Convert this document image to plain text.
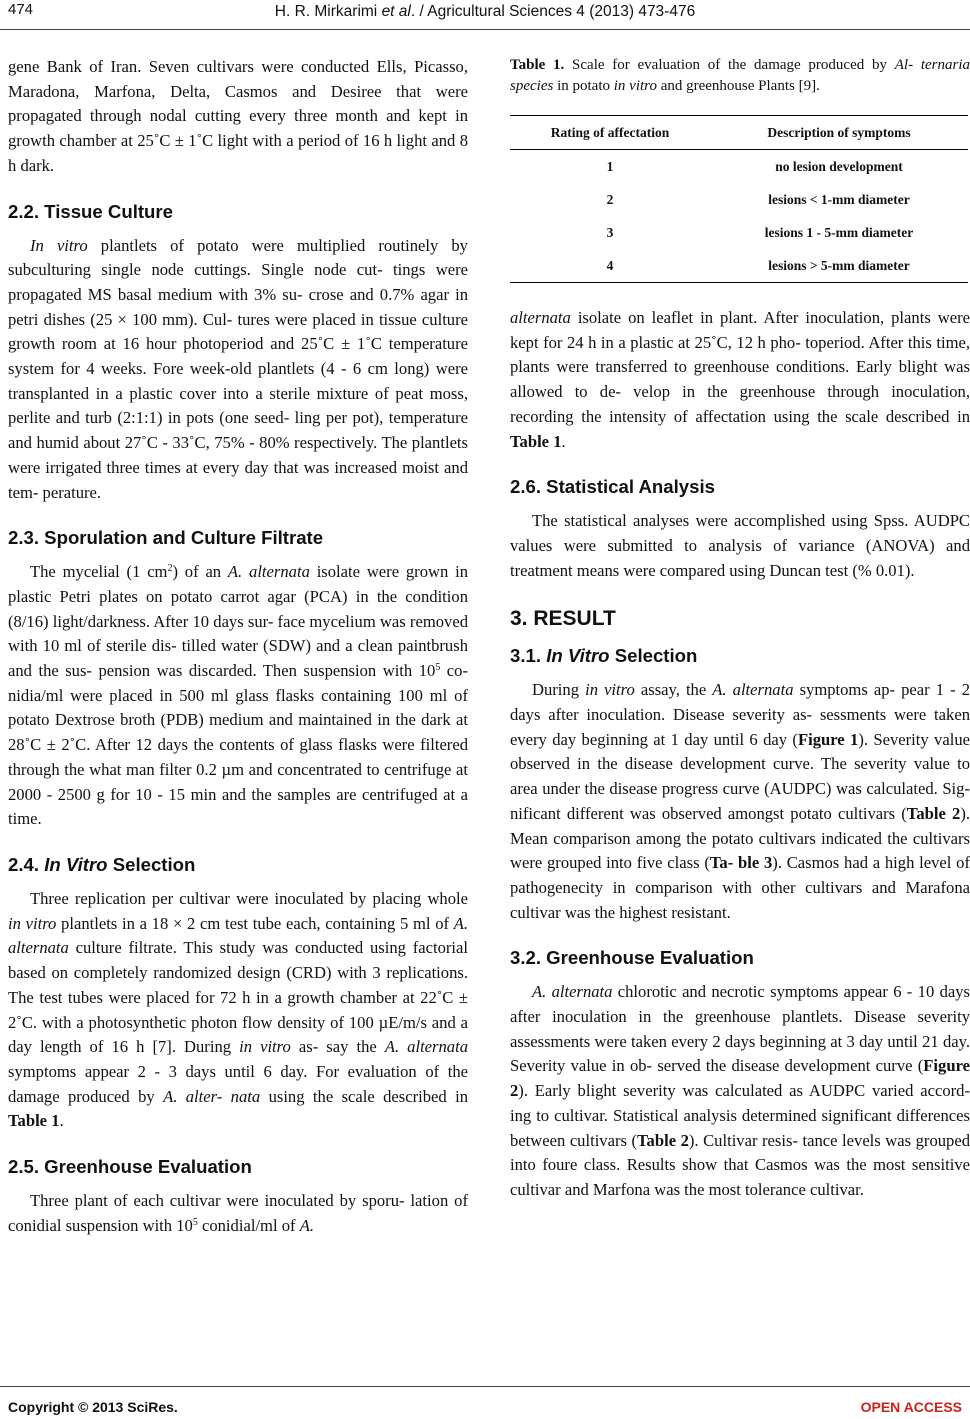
474	H. R. Mirkarimi et al. / Agricultural Sciences 4 (2013) 473-476

gene Bank of Iran. Seven cultivars were conducted Ells, Picasso, Maradona, Marfona, Delta, Casmos and Desiree that were propagated through nodal cutting every three month and kept in growth chamber at 25˚C ± 1˚C light with a period of 16 h light and 8 h dark.

2.2. Tissue Culture

In vitro plantlets of potato were multiplied routinely by subculturing single node cuttings. Single node cut- tings were propagated MS basal medium with 3% su- crose and 0.7% agar in petri dishes (25 × 100 mm). Cul- tures were placed in tissue culture growth room at 16 hour photoperiod and 25˚C ± 1˚C temperature system for 4 weeks. Fore week-old plantlets (4 - 6 cm long) were transplanted in a plastic cover into a sterile mixture of peat moss, perlite and turb (2:1:1) in pots (one seed- ling per pot), temperature and humid about 27˚C - 33˚C, 75% - 80% respectively. The plantlets were irrigated three times at every day that was increased moist and tem- perature.

2.3. Sporulation and Culture Filtrate

The mycelial (1 $cm^2$) of an A. alternata isolate were grown in plastic Petri plates on potato carrot agar (PCA) in the condition (8/16) light/darkness. After 10 days sur- face mycelium was removed with 10 ml of sterile dis- tilled water (SDW) and a clean paintbrush and the sus- pension was discarded. Then suspension with $10^5$ co- nidia/ml were placed in 500 ml glass flasks containing 100 ml of potato Dextrose broth (PDB) medium and maintained in the dark at 28˚C ± 2˚C. After 12 days the contents of glass flasks were filtered through the what man filter 0.2 µm and concentrated to centrifuge at 2000 - 2500 g for 10 - 15 min and the samples are centrifuged at a time.

2.4. In Vitro Selection

Three replication per cultivar were inoculated by placing whole in vitro plantlets in a 18 × 2 cm test tube each, containing 5 ml of A. alternata culture filtrate. This study was conducted using factorial based on completely randomized design (CRD) with 3 replications. The test tubes were placed for 72 h in a growth chamber at 22˚C ± 2˚C. with a photosynthetic photon flow density of 100 µE/m/s and a day length of 16 h [7]. During in vitro as- say the A. alternata symptoms appear 2 - 3 days until 6 day. For evaluation of the damage produced by A. alter- nata using the scale described in Table 1.

2.5. Greenhouse Evaluation

Three plant of each cultivar were inoculated by sporu- lation of conidial suspension with $10^5$ conidial/ml of A.

Table 1. Scale for evaluation of the damage produced by Al- ternaria species in potato in vitro and greenhouse Plants [9].

Rating of affectation	Description of symptoms
1	no lesion development
2	lesions < 1-mm diameter
3	lesions 1 - 5-mm diameter
4	lesions > 5-mm diameter

alternata isolate on leaflet in plant. After inoculation, plants were kept for 24 h in a plastic at 25˚C, 12 h pho- toperiod. After this time, plants were transferred to greenhouse conditions. Early blight was allowed to de- velop in the greenhouse through inoculation, recording the intensity of affectation using the scale described in Table 1.

2.6. Statistical Analysis

The statistical analyses were accomplished using Spss. AUDPC values were submitted to analysis of variance (ANOVA) and treatment means were compared using Duncan test (% 0.01).

3. RESULT
3.1. In Vitro Selection

During in vitro assay, the A. alternata symptoms ap- pear 1 - 2 days after inoculation. Disease severity as- sessments were taken every day beginning at 1 day until 6 day (Figure 1). Severity value observed in the disease development curve. The severity value to area under the disease progress curve (AUDPC) was calculated. Sig- nificant different was observed amongst potato cultivars (Table 2). Mean comparison among the potato cultivars indicated the cultivars were grouped into five class (Ta- ble 3). Casmos had a high level of pathogenecity in comparison with other cultivars and Marafona cultivar was the highest resistant.

3.2. Greenhouse Evaluation

A. alternata chlorotic and necrotic symptoms appear 6 - 10 days after inoculation in the greenhouse plantlets. Disease severity assessments were taken every 2 days beginning at 3 day until 21 day. Severity value in ob- served the disease development curve (Figure 2). Early blight severity was calculated as AUDPC varied accord- ing to cultivar. Statistical analysis determined significant differences between cultivars (Table 2). Cultivar resis- tance levels was grouped into foure class. Results show that Casmos was the most sensitive cultivar and Marfona was the most tolerance cultivar.

Copyright © 2013 SciRes.	OPEN ACCESS
